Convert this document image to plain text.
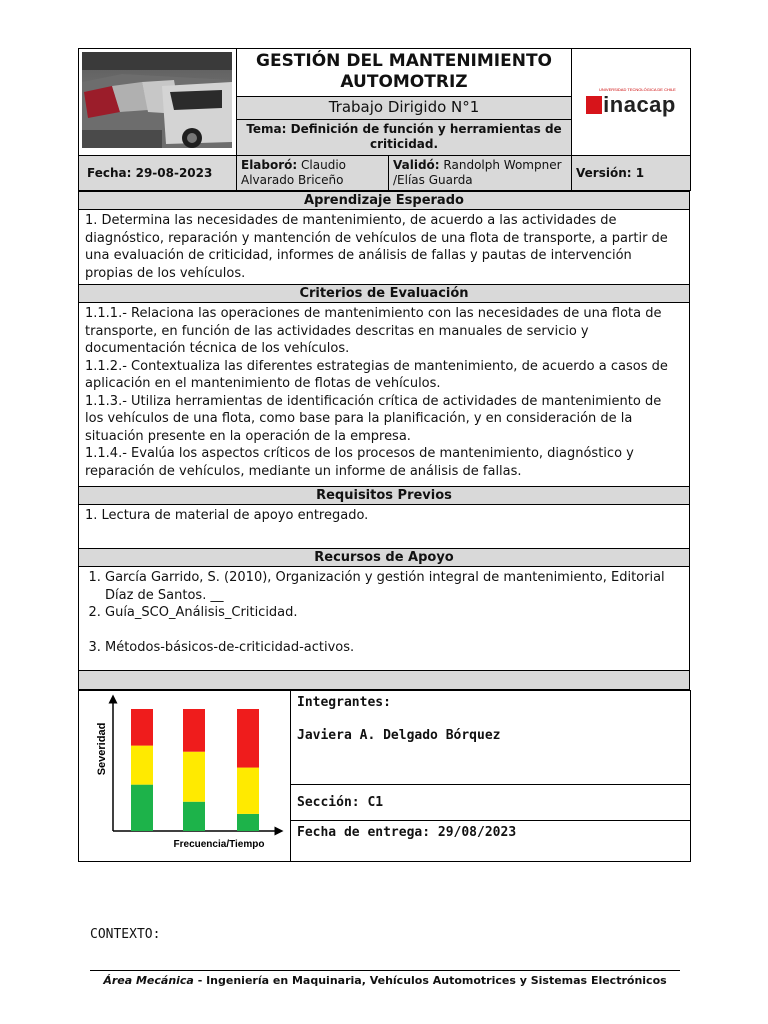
	GESTIÓN DEL MANTENIMIENTO AUTOMOTRIZ		UNIVERSIDAD TECNOLÓGICA DE CHILE
inacap

	Trabajo Dirigido N°1		
	Tema: Definición de función y herramientas de criticidad.		
Fecha: 29-08-2023	Elaboró: Claudio Alvarado Briceño	Validó: Randolph Wompner /Elías Guarda	Versión: 1
Aprendizaje Esperado
1. Determina las necesidades de mantenimiento, de acuerdo a las actividades de diagnóstico, reparación y mantención de vehículos de una flota de transporte, a partir de una evaluación de criticidad, informes de análisis de fallas y pautas de intervención propias de los vehículos.
Criterios de Evaluación

1.1.1.- Relaciona las operaciones de mantenimiento con las necesidades de una flota de transporte, en función de las actividades descritas en manuales de servicio y documentación técnica de los vehículos.
1.1.2.- Contextualiza las diferentes estrategias de mantenimiento, de acuerdo a casos de aplicación en el mantenimiento de flotas de vehículos.
1.1.3.- Utiliza herramientas de identificación crítica de actividades de mantenimiento de los vehículos de una flota, como base para la planificación, y en consideración de la situación presente en la operación de la empresa.
1.1.4.- Evalúa los aspectos críticos de los procesos de mantenimiento, diagnóstico y reparación de vehículos, mediante un informe de análisis de fallas.

Requisitos Previos
1. Lectura de material de apoyo entregado.
Recursos de Apoyo

1. García Garrido, S. (2010), Organización y gestión integral de mantenimiento, Editorial Díaz de Santos. __
2. Guía_SCO_Análisis_Criticidad.
3. Métodos-básicos-de-criticidad-activos.

Severidad
Frecuencia/Tiempo

Integrantes:
Javiera A. Delgado Bórquez

Sección: C1
Fecha de entrega: 29/08/2023
CONTEXTO:
Área Mecánica - Ingeniería en Maquinaria, Vehículos Automotrices y Sistemas Electrónicos
